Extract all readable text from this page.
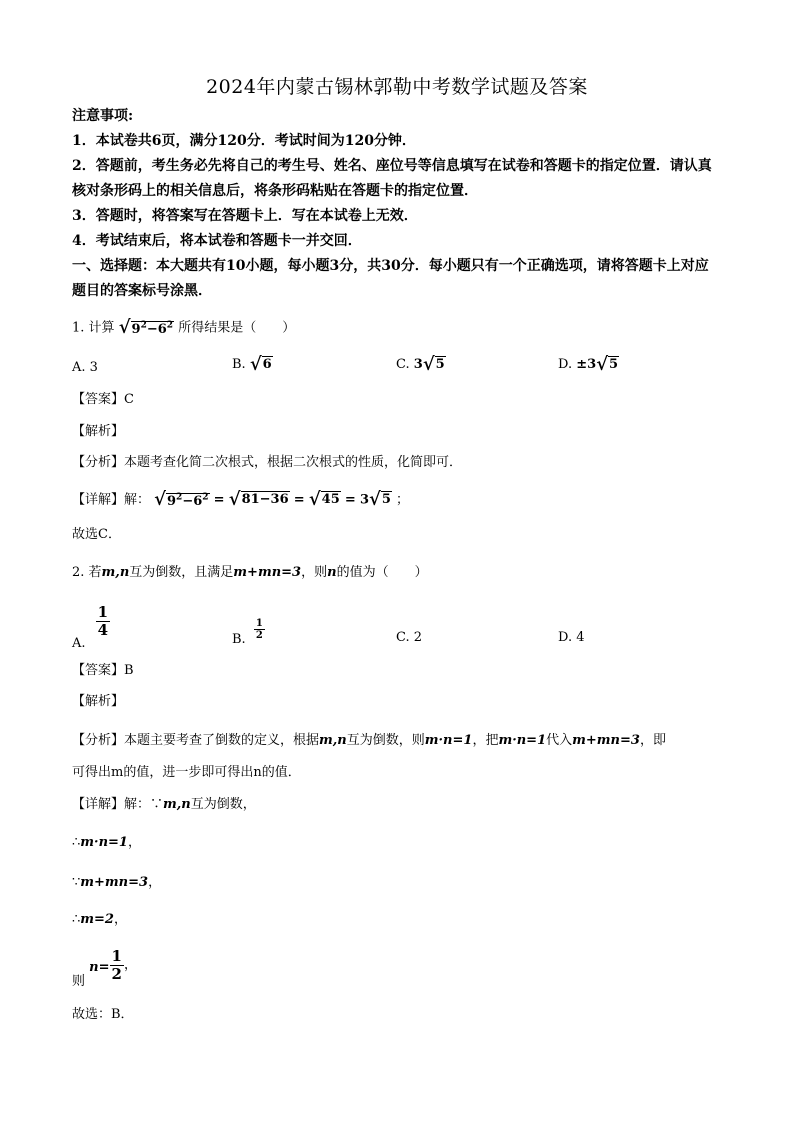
2024年内蒙古锡林郭勒中考数学试题及答案
注意事项:
1．本试卷共6页，满分120分．考试时间为120分钟．
2．答题前，考生务必先将自己的考生号、姓名、座位号等信息填写在试卷和答题卡的指定位置．请认真
核对条形码上的相关信息后，将条形码粘贴在答题卡的指定位置．
3．答题时，将答案写在答题卡上．写在本试卷上无效．
4．考试结束后，将本试卷和答题卡一并交回．
一、选择题：本大题共有10小题，每小题3分，共30分．每小题只有一个正确选项，请将答题卡上对应
题目的答案标号涂黑．
1. 计算 $√9^2-6^2$ 所得结果是（　　）
A. 3	B. √6	C. 3√5	D. ±3√5
【答案】C
【解析】
【分析】本题考查化简二次根式，根据二次根式的性质，化简即可．
【详解】解： $√9^2-6^2 = √81-36 = √45 = 3√5$ ；
故选C．
2. 若m,n互为倒数，且满足m+mn=3，则n的值为（　　）
A.
$\frac{1}{4}$
B. $\frac{1}{2}$	C. 2	D. 4
【答案】B
【解析】
【分析】本题主要考查了倒数的定义，根据m,n互为倒数，则m·n=1，把m·n=1代入m+mn=3，即
可得出m的值，进一步即可得出n的值．
【详解】解：∵m,n互为倒数，
∴m·n=1，
∵m+mn=3，
∴m=2，
则 $n= \frac{1}{2}$ ，
故选：B．
